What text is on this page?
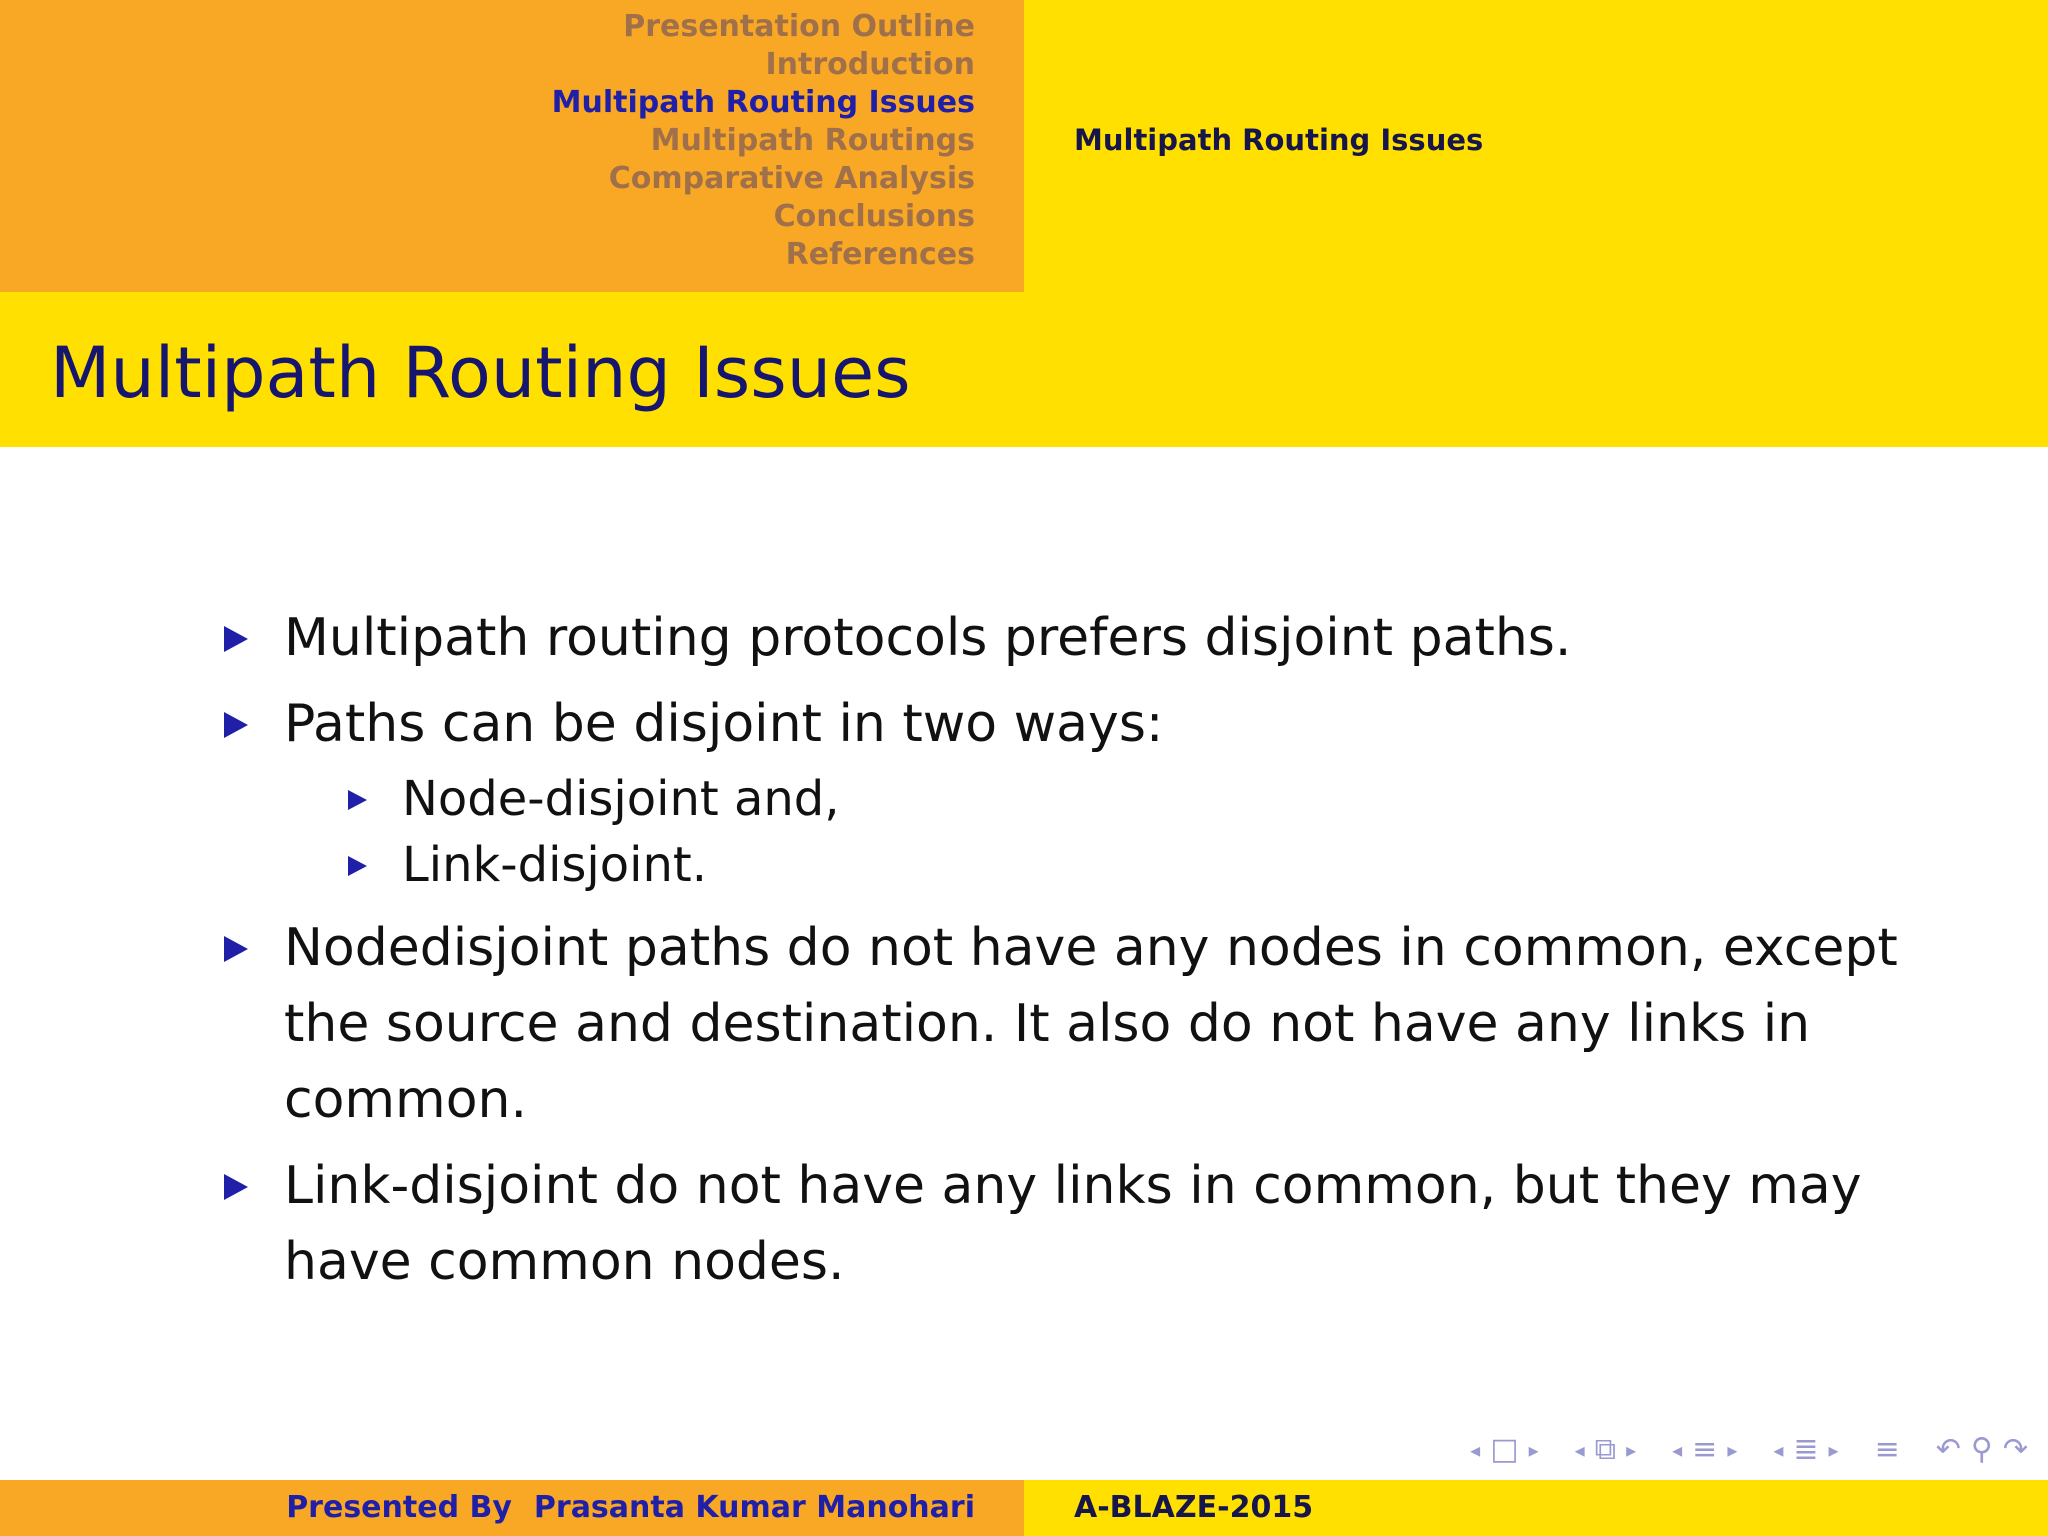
Presentation Outline
Introduction
Multipath Routing Issues
Multipath Routings
Comparative Analysis
Conclusions
References
Multipath Routing Issues
Multipath Routing Issues
Multipath routing protocols prefers disjoint paths.
Paths can be disjoint in two ways:
Node-disjoint and,
Link-disjoint.
Nodedisjoint paths do not have any nodes in common, except the source and destination. It also do not have any links in common.
Link-disjoint do not have any links in common, but they may have common nodes.
◂ □ ▸ ◂ ⧉ ▸ ◂ ≡ ▸ ◂ ≣ ▸ ≡ ↶ ⚲ ↷
Presented By Prasanta Kumar Manohari	A-BLAZE-2015
